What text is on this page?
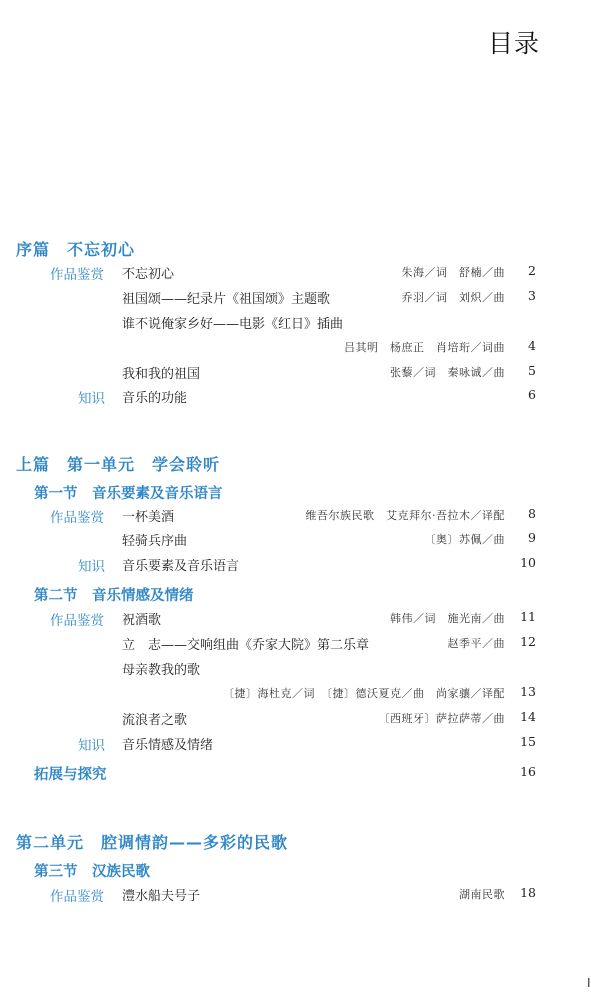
目录
序篇　不忘初心
作品鉴赏 不忘初心	朱海／词　舒楠／曲 2
祖国颂——纪录片《祖国颂》主题歌	乔羽／词　刘炽／曲 3
谁不说俺家乡好——电影《红日》插曲
吕其明　杨庶正　肖培珩／词曲 4
我和我的祖国	张藜／词　秦咏诚／曲 5
知识 音乐的功能	6
上篇　第一单元　学会聆听
第一节　音乐要素及音乐语言
作品鉴赏 一杯美酒	维吾尔族民歌　艾克拜尔·吾拉木／译配 8
轻骑兵序曲	〔奥〕苏佩／曲 9
知识 音乐要素及音乐语言	10
第二节　音乐情感及情绪
作品鉴赏 祝酒歌	韩伟／词　施光南／曲 11
立　志——交响组曲《乔家大院》第二乐章	赵季平／曲 12
母亲教我的歌
〔捷〕海杜克／词　〔捷〕德沃夏克／曲　尚家骧／译配 13
流浪者之歌	〔西班牙〕萨拉萨蒂／曲 14
知识 音乐情感及情绪	15
拓展与探究	16
第二单元　腔调情韵——多彩的民歌
第三节　汉族民歌
作品鉴赏 澧水船夫号子	湖南民歌 18
I
